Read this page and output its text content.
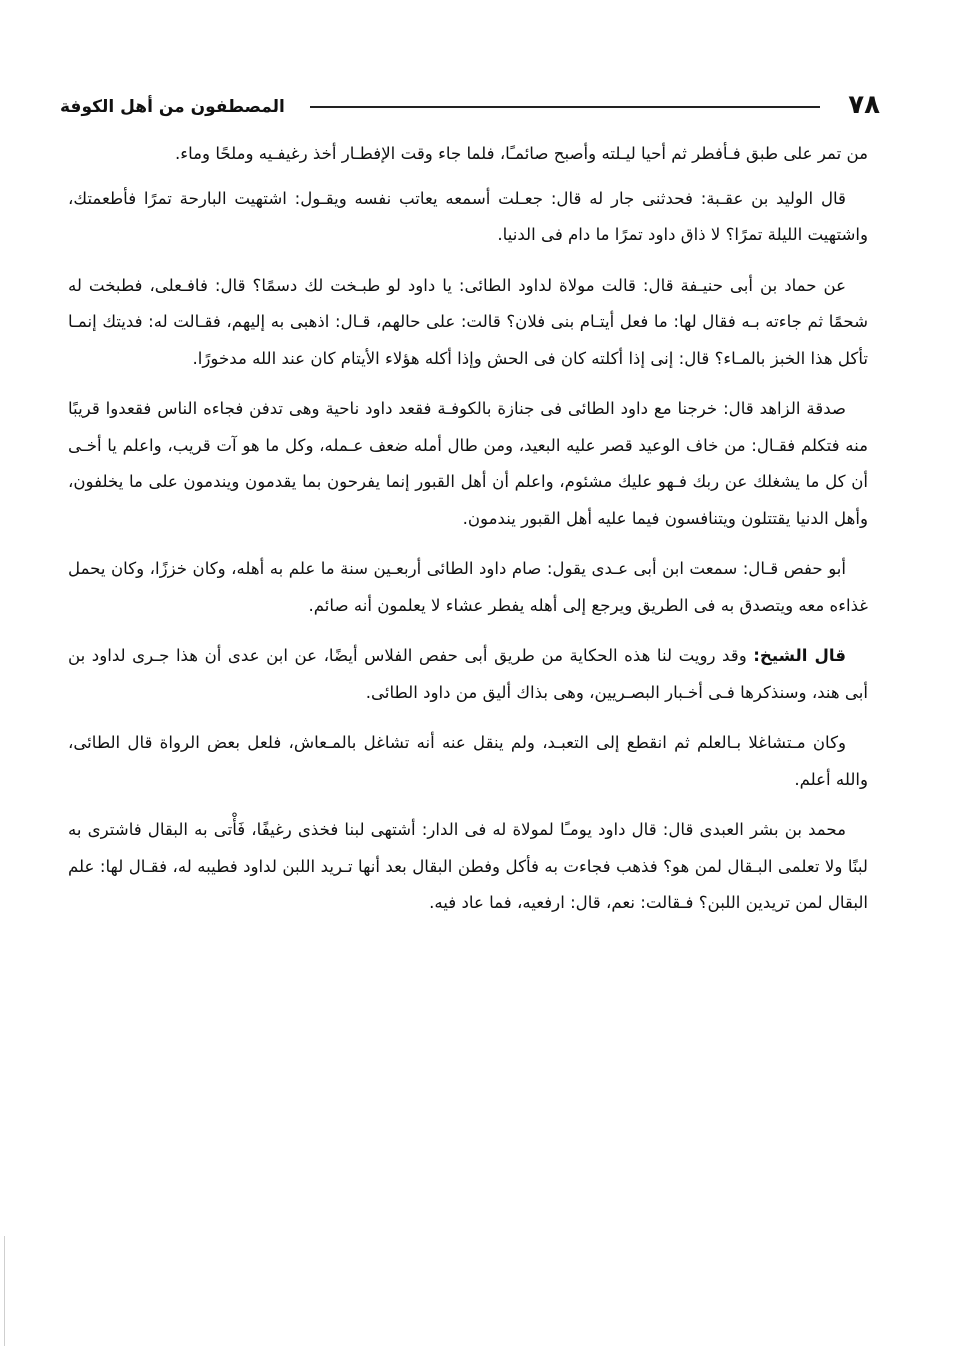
٧٨
المصطفون من أهل الكوفة

من تمر على طبق فـأفطر ثم أحيا ليـلته وأصبح صائمـًا، فلما جاء وقت الإفطـار أخذ رغيفـيه وملحًا وماء.

قال الوليد بن عقـبة: فحدثنى جار له قال: جعـلت أسمعه يعاتب نفسه ويقـول: اشتهيت البارحة تمرًا فأطعمتك، واشتهيت الليلة تمرًا؟ لا ذاق داود تمرًا ما دام فى الدنيا.

عن حماد بن أبى حنيـفة قال: قالت مولاة لداود الطائى: يا داود لو طبـخت لك دسمًا؟ قال: فافـعلى، فطبخت له شحمًا ثم جاءته بـه فقال لها: ما فعل أيتـام بنى فلان؟ قالت: على حالهم، قـال: اذهبى به إليهم، فقـالت له: فديتك إنمـا تأكل هذا الخبز بالمـاء؟ قال: إنى إذا أكلته كان فى الحش وإذا أكله هؤلاء الأيتام كان عند الله مدخورًا.

صدقة الزاهد قال: خرجنا مع داود الطائى فى جنازة بالكوفـة فقعد داود ناحية وهى تدفن فجاءه الناس فقعدوا قريبًا منه فتكلم فقـال: من خاف الوعيد قصر عليه البعيد، ومن طال أمله ضعف عـمله، وكل ما هو آت قريب، واعلم يا أخـى أن كل ما يشغلك عن ربك فـهو عليك مشئوم، واعلم أن أهل القبور إنما يفرحون بما يقدمون ويندمون على ما يخلفون، وأهل الدنيا يقتتلون ويتنافسون فيما عليه أهل القبور يندمون.

أبو حفص قـال: سمعت ابن أبى عـدى يقول: صام داود الطائى أربعـين سنة ما علم به أهله، وكان خززًا، وكان يحمل غذاءه معه ويتصدق به فى الطريق ويرجع إلى أهله يفطر عشاء لا يعلمون أنه صائم.

قال الشيخ: وقد رويت لنا هذه الحكاية من طريق أبى حفص الفلاس أيضًا، عن ابن عدى أن هذا جـرى لداود بن أبى هند، وسنذكرها فـى أخـبار البصـريين، وهى بذاك أليق من داود الطائى.

وكان مـتشاغلا بـالعلم ثم انقطع إلى التعبـد، ولم ينقل عنه أنه تشاغل بالمـعاش، فلعل بعض الرواة قال الطائى، والله أعلم.

محمد بن بشر العبدى قال: قال داود يومـًا لمولاة له فى الدار: أشتهى لبنا فخذى رغيفًا، فَأْتى به البقال فاشترى به لبنًا ولا تعلمى البـقال لمن هو؟ فذهب فجاءت به فأكل وفطن البقال بعد أنها تـريد اللبن لداود فطيبه له، فقـال لها: علم البقال لمن تريدين اللبن؟ فـقالت: نعم، قال: ارفعيه، فما عاد فيه.
